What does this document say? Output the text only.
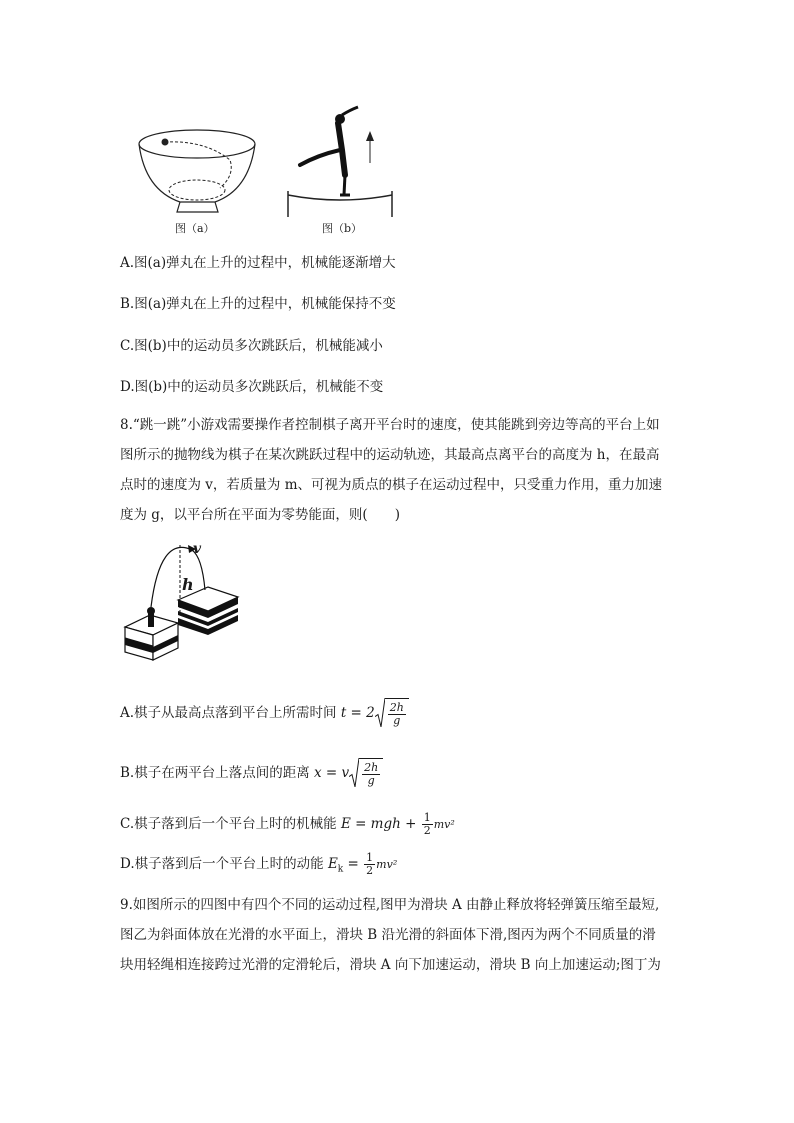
图（a）	图（b）
A.图(a)弹丸在上升的过程中，机械能逐渐增大
B.图(a)弹丸在上升的过程中，机械能保持不变
C.图(b)中的运动员多次跳跃后，机械能减小
D.图(b)中的运动员多次跳跃后，机械能不变

8.“跳一跳”小游戏需要操作者控制棋子离开平台时的速度，使其能跳到旁边等高的平台上如

图所示的抛物线为棋子在某次跳跃过程中的运动轨迹，其最高点离平台的高度为 h，在最高

点时的速度为 v，若质量为 m、可视为质点的棋子在运动过程中，只受重力作用，重力加速

度为 g，以平台所在平面为零势能面，则(　　)

v
h
A.棋子从最高点落到平台上所需时间 $t = 2 \frac{2h}{g}$
B.棋子在两平台上落点间的距离 x = v $\frac{2h}{g}$
C.棋子落到后一个平台上时的机械能 E = mgh + $\frac{1}{2} mv^2$
D.棋子落到后一个平台上时的动能 $E_k = \frac{1}{2} mv^2$

9.如图所示的四图中有四个不同的运动过程,图甲为滑块 A 由静止释放将轻弹簧压缩至最短,

图乙为斜面体放在光滑的水平面上，滑块 B 沿光滑的斜面体下滑,图丙为两个不同质量的滑

块用轻绳相连接跨过光滑的定滑轮后，滑块 A 向下加速运动，滑块 B 向上加速运动;图丁为
